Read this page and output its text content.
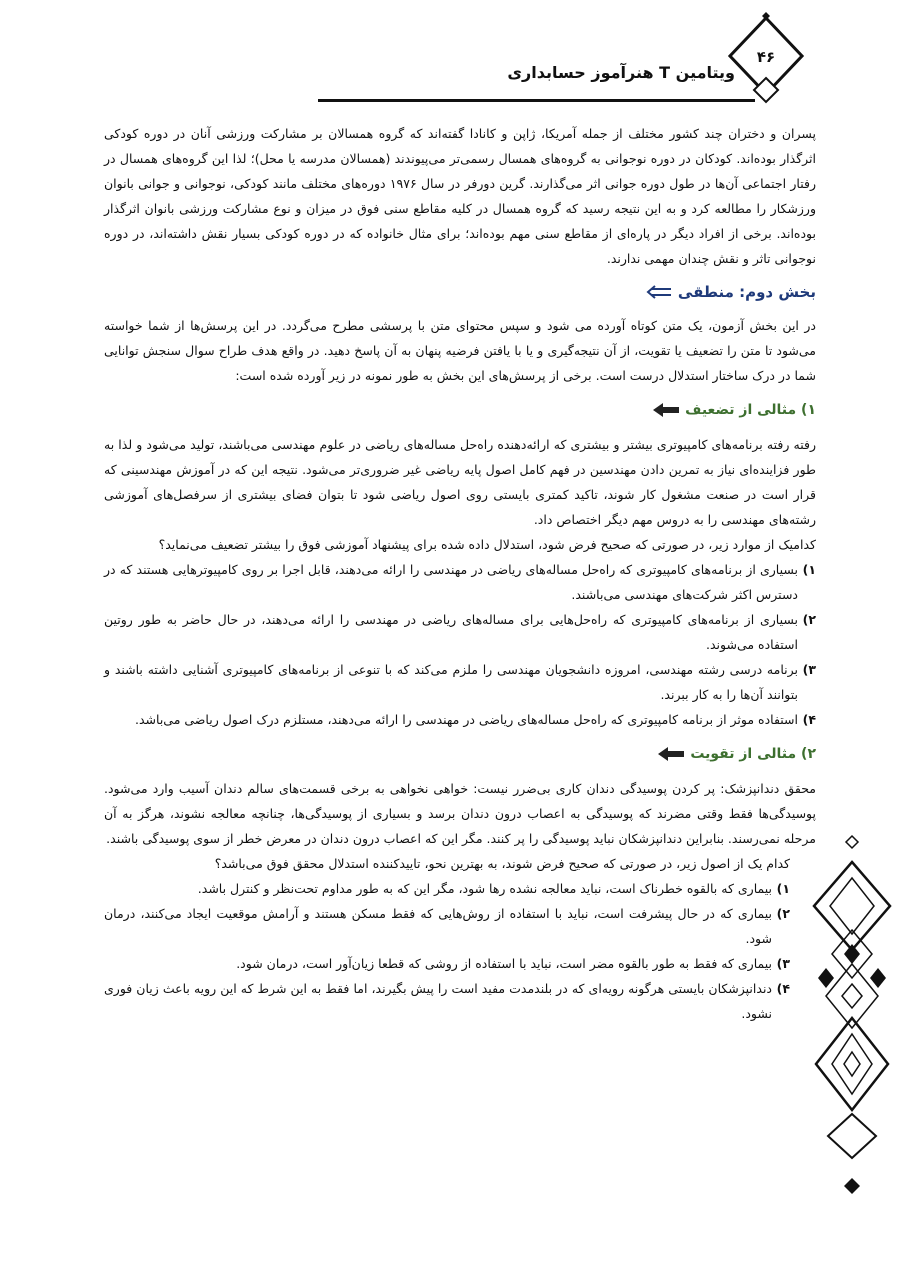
ویتامین T هنرآموز حسابداری
۴۶

پسران و دختران چند کشور مختلف از جمله آمریکا، ژاپن و کانادا گفته‌اند که گروه همسالان بر مشارکت ورزشی آنان در دوره کودکی اثرگذار بوده‌اند. کودکان در دوره نوجوانی به گروه‌های همسال رسمی‌تر می‌پیوندند (همسالان مدرسه یا محل)؛ لذا این گروه‌های همسال در رفتار اجتماعی آن‌ها در طول دوره جوانی اثر می‌گذارند. گرین دورفر در سال ۱۹۷۶ دوره‌های مختلف مانند کودکی، نوجوانی و جوانی بانوان ورزشکار را مطالعه کرد و به این نتیجه رسید که گروه همسال در کلیه مقاطع سنی فوق در میزان و نوع مشارکت ورزشی بانوان اثرگذار بوده‌اند. برخی از افراد دیگر در پاره‌ای از مقاطع سنی مهم بوده‌اند؛ برای مثال خانواده که در دوره کودکی بسیار نقش داشته‌اند، در دوره نوجوانی تاثر و نقش چندان مهمی ندارند.

بخش دوم: منطقی

در این بخش آزمون، یک متن کوتاه آورده می شود و سپس محتوای متن با پرسشی مطرح می‌گردد. در این پرسش‌ها از شما خواسته می‌شود تا متن را تضعیف یا تقویت، از آن نتیجه‌گیری و یا با یافتن فرضیه پنهان به آن پاسخ دهید. در واقع هدف طراح سوال سنجش توانایی شما در درک ساختار استدلال درست است. برخی از پرسش‌های این بخش به طور نمونه در زیر آورده شده است:

۱) مثالی از تضعیف

رفته رفته برنامه‌های کامپیوتری بیشتر و بیشتری که ارائه‌دهنده راه‌حل مساله‌های ریاضی در علوم مهندسی می‌باشند، تولید می‌شود و لذا به طور فزاینده‌ای نیاز به تمرین دادن مهندسین در فهم کامل اصول پایه ریاضی غیر ضروری‌تر می‌شود. نتیجه این که در آموزش مهندسینی که قرار است در صنعت مشغول کار شوند، تاکید کمتری بایستی روی اصول ریاضی شود تا بتوان فضای بیشتری از سرفصل‌های آموزشی رشته‌های مهندسی را به دروس مهم دیگر اختصاص داد.

کدامیک از موارد زیر، در صورتی که صحیح فرض شود، استدلال داده شده برای پیشنهاد آموزشی فوق را بیشتر تضعیف می‌نماید؟

۱)
بسیاری از برنامه‌های کامپیوتری که راه‌حل مساله‌های ریاضی در مهندسی را ارائه می‌دهند، قابل اجرا بر روی کامپیوترهایی هستند که در دسترس اکثر شرکت‌های مهندسی می‌باشند.
۲)
بسیاری از برنامه‌های کامپیوتری که راه‌حل‌هایی برای مساله‌های ریاضی در مهندسی را ارائه می‌دهند، در حال حاضر به طور روتین استفاده می‌شوند.
۳)
برنامه درسی رشته مهندسی، امروزه دانشجویان مهندسی را ملزم می‌کند که با تنوعی از برنامه‌های کامپیوتری آشنایی داشته باشند و بتوانند آن‌ها را به کار ببرند.
۴)
استفاده موثر از برنامه کامپیوتری که راه‌حل مساله‌های ریاضی در مهندسی را ارائه می‌دهند، مستلزم درک اصول ریاضی می‌باشد.
۲) مثالی از تقویت

محقق دندانپزشک: پر کردن پوسیدگی دندان کاری بی‌ضرر نیست: خواهی نخواهی به برخی قسمت‌های سالم دندان آسیب وارد می‌شود. پوسیدگی‌ها فقط وقتی مضرند که پوسیدگی به اعصاب درون دندان برسد و بسیاری از پوسیدگی‌ها، چنانچه معالجه نشوند، هرگز به آن مرحله نمی‌رسند. بنابراین دندانپزشکان نباید پوسیدگی را پر کنند. مگر این که اعصاب درون دندان در معرض خطر از سوی پوسیدگی باشند.

کدام یک از اصول زیر، در صورتی که صحیح فرض شوند، به بهترین نحو، تاییدکننده استدلال محقق فوق می‌باشد؟

۱)
بیماری که بالقوه خطرناک است، نباید معالجه نشده رها شود، مگر این که به طور مداوم تحت‌نظر و کنترل باشد.
۲)
بیماری که در حال پیشرفت است، نباید با استفاده از روش‌هایی که فقط مسکن هستند و آرامش موقعیت ایجاد می‌کنند، درمان شود.
۳)
بیماری که فقط به طور بالقوه مضر است، نباید با استفاده از روشی که قطعا زیان‌آور است، درمان شود.
۴)
دندانپزشکان بایستی هرگونه رویه‌ای که در بلندمدت مفید است را پیش بگیرند، اما فقط به این شرط که این رویه باعث زیان فوری نشود.
